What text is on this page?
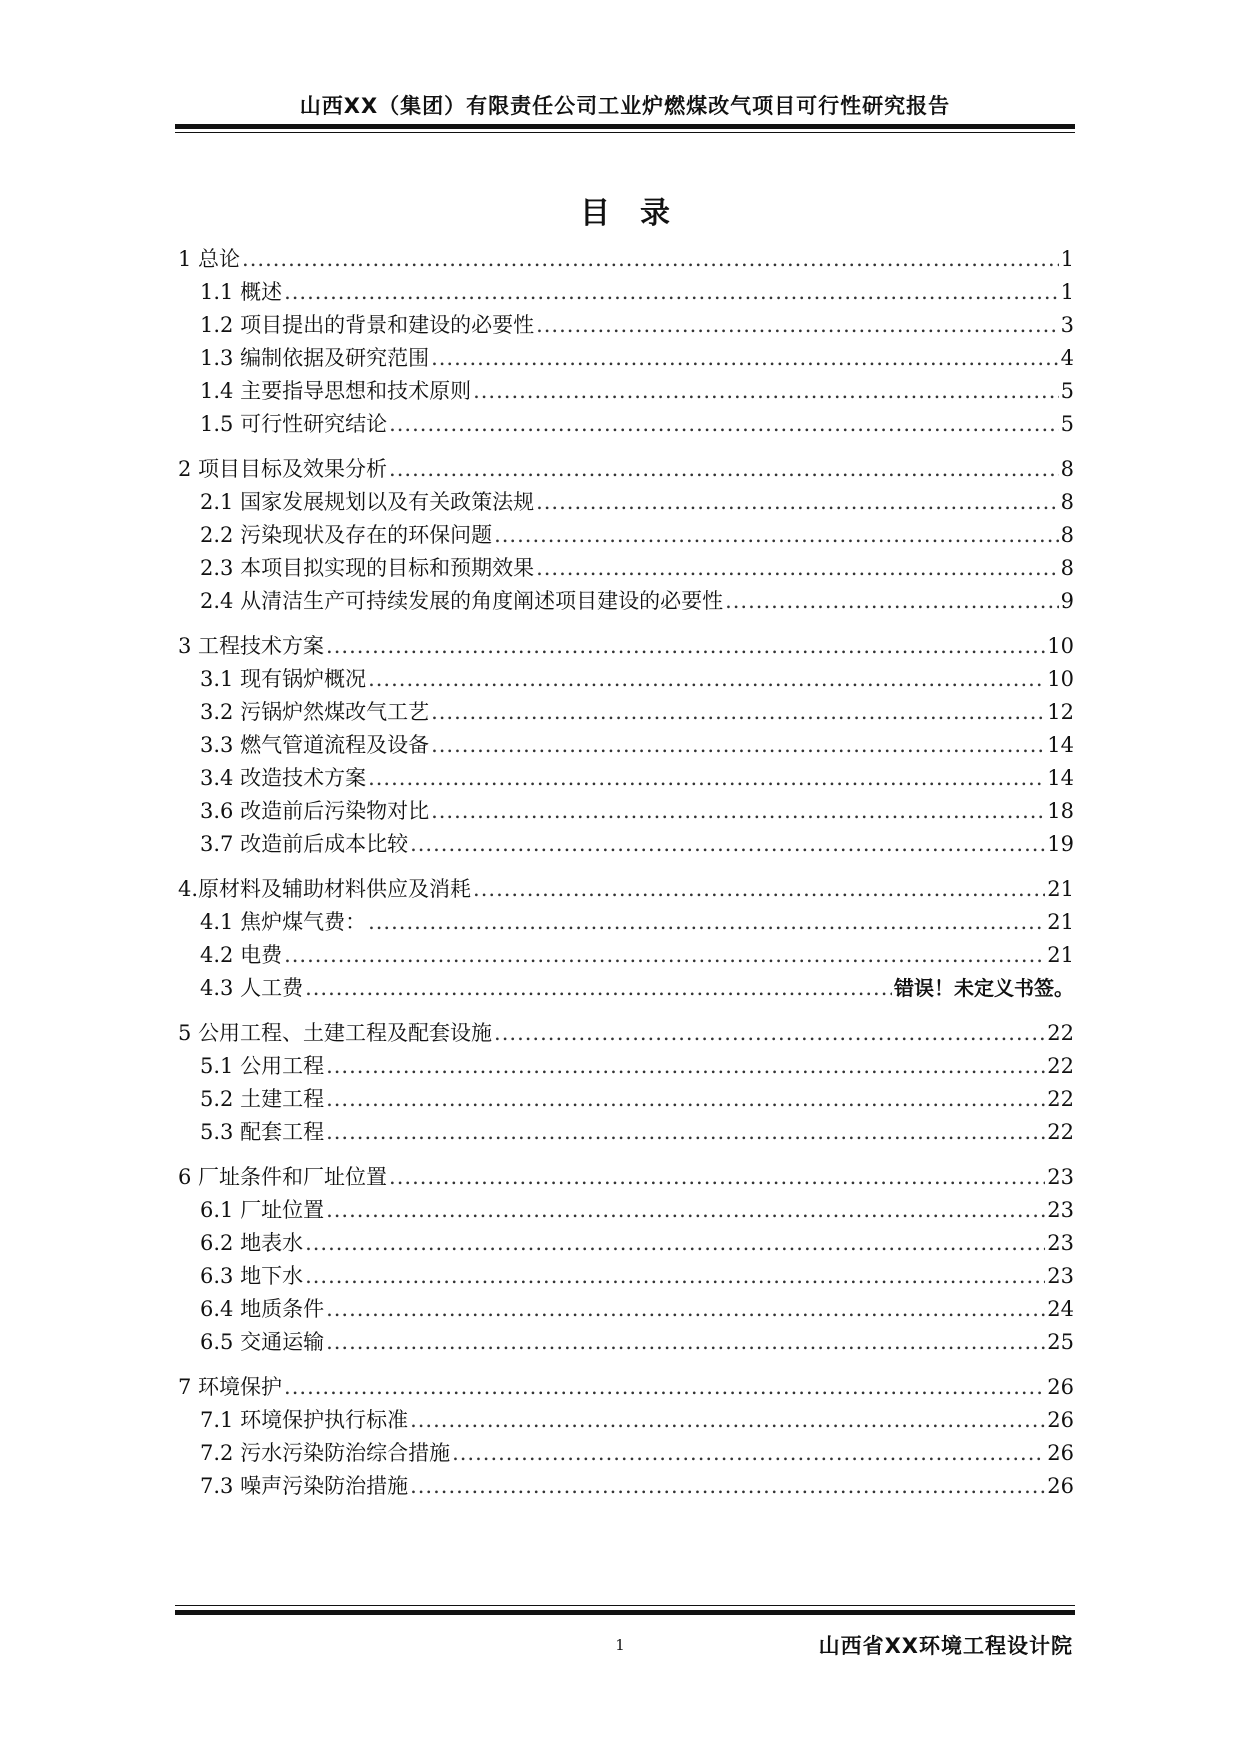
山西XX（集团）有限责任公司工业炉燃煤改气项目可行性研究报告
目录
1 总论 .....	1
1.1 概述 .....	1
1.2 项目提出的背景和建设的必要性 .....	3
1.3 编制依据及研究范围 .....	4
1.4 主要指导思想和技术原则 .....	5
1.5 可行性研究结论 .....	5
2 项目目标及效果分析 .....	8
2.1 国家发展规划以及有关政策法规 .....	8
2.2 污染现状及存在的环保问题 .....	8
2.3 本项目拟实现的目标和预期效果 .....	8
2.4 从清洁生产可持续发展的角度阐述项目建设的必要性 .....	9
3 工程技术方案 .....	10
3.1 现有锅炉概况 .....	10
3.2 污锅炉然煤改气工艺 .....	12
3.3 燃气管道流程及设备 .....	14
3.4 改造技术方案 .....	14
3.6 改造前后污染物对比 .....	18
3.7 改造前后成本比较 .....	19
4.原材料及辅助材料供应及消耗 .....	21
4.1 焦炉煤气费： .....	21
4.2 电费 .....	21
4.3 人工费 .....	错误！未定义书签。
5 公用工程、土建工程及配套设施 .....	22
5.1 公用工程 .....	22
5.2 土建工程 .....	22
5.3 配套工程 .....	22
6 厂址条件和厂址位置 .....	23
6.1 厂址位置 .....	23
6.2 地表水 .....	23
6.3 地下水 .....	23
6.4 地质条件 .....	24
6.5 交通运输 .....	25
7 环境保护 .....	26
7.1 环境保护执行标准 .....	26
7.2 污水污染防治综合措施 .....	26
7.3 噪声污染防治措施 .....	26
1	山西省XX环境工程设计院
